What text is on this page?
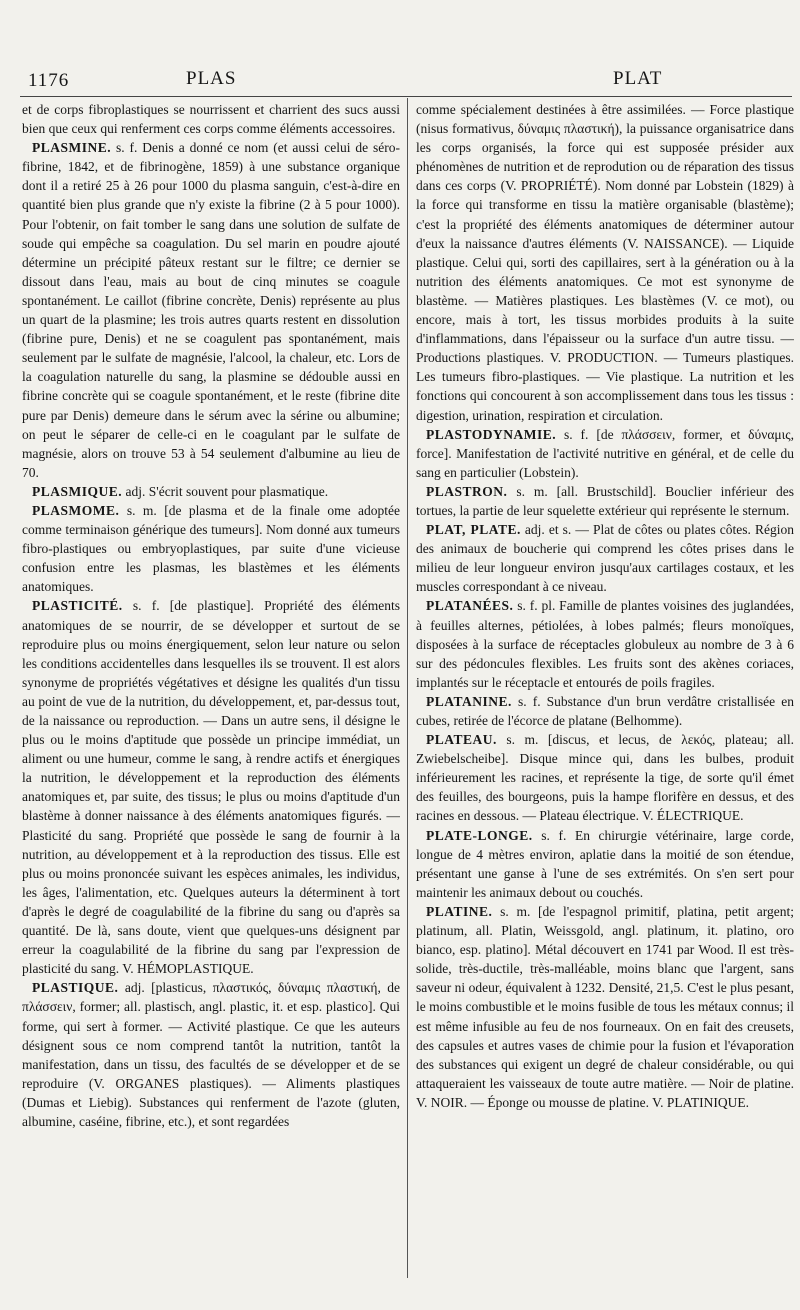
1176	PLAS	PLAT

et de corps fibroplastiques se nourrissent et charrient des sucs aussi bien que ceux qui renferment ces corps comme éléments accessoires.

PLASMINE. s. f. Denis a donné ce nom (et aussi celui de séro-fibrine, 1842, et de fibrinogène, 1859) à une substance organique dont il a retiré 25 à 26 pour 1000 du plasma sanguin, c'est-à-dire en quantité bien plus grande que n'y existe la fibrine (2 à 5 pour 1000). Pour l'obtenir, on fait tomber le sang dans une solution de sulfate de soude qui empêche sa coagulation. Du sel marin en poudre ajouté détermine un précipité pâteux restant sur le filtre; ce dernier se dissout dans l'eau, mais au bout de cinq minutes se coagule spontanément. Le caillot (fibrine concrète, Denis) représente au plus un quart de la plasmine; les trois autres quarts restent en dissolution (fibrine pure, Denis) et ne se coagulent pas spontanément, mais seulement par le sulfate de magnésie, l'alcool, la chaleur, etc. Lors de la coagulation naturelle du sang, la plasmine se dédouble aussi en fibrine concrète qui se coagule spontanément, et le reste (fibrine dite pure par Denis) demeure dans le sérum avec la sérine ou albumine; on peut le séparer de celle-ci en le coagulant par le sulfate de magnésie, alors on trouve 53 à 54 seulement d'albumine au lieu de 70.

PLASMIQUE. adj. S'écrit souvent pour plasmatique.

PLASMOME. s. m. [de plasma et de la finale ome adoptée comme terminaison générique des tumeurs]. Nom donné aux tumeurs fibro-plastiques ou embryoplastiques, par suite d'une vicieuse confusion entre les plasmas, les blastèmes et les éléments anatomiques.

PLASTICITÉ. s. f. [de plastique]. Propriété des éléments anatomiques de se nourrir, de se développer et surtout de se reproduire plus ou moins énergiquement, selon leur nature ou selon les conditions accidentelles dans lesquelles ils se trouvent. Il est alors synonyme de propriétés végétatives et désigne les qualités d'un tissu au point de vue de la nutrition, du développement, et, par-dessus tout, de la naissance ou reproduction. — Dans un autre sens, il désigne le plus ou le moins d'aptitude que possède un principe immédiat, un aliment ou une humeur, comme le sang, à rendre actifs et énergiques la nutrition, le développement et la reproduction des éléments anatomiques et, par suite, des tissus; le plus ou moins d'aptitude d'un blastème à donner naissance à des éléments anatomiques figurés. — Plasticité du sang. Propriété que possède le sang de fournir à la nutrition, au développement et à la reproduction des tissus. Elle est plus ou moins prononcée suivant les espèces animales, les individus, les âges, l'alimentation, etc. Quelques auteurs la déterminent à tort d'après le degré de coagulabilité de la fibrine du sang ou d'après sa quantité. De là, sans doute, vient que quelques-uns désignent par erreur la coagulabilité de la fibrine du sang par l'expression de plasticité du sang. V. HÉMOPLASTIQUE.

PLASTIQUE. adj. [plasticus, πλαστικός, δύναμις πλαστική, de πλάσσειν, former; all. plastisch, angl. plastic, it. et esp. plastico]. Qui forme, qui sert à former. — Activité plastique. Ce que les auteurs désignent sous ce nom comprend tantôt la nutrition, tantôt la manifestation, dans un tissu, des facultés de se développer et de se reproduire (V. ORGANES plastiques). — Aliments plastiques (Dumas et Liebig). Substances qui renferment de l'azote (gluten, albumine, caséine, fibrine, etc.), et sont regardées

comme spécialement destinées à être assimilées. — Force plastique (nisus formativus, δύναμις πλαστική), la puissance organisatrice dans les corps organisés, la force qui est supposée présider aux phénomènes de nutrition et de reprodution ou de réparation des tissus dans ces corps (V. PROPRIÉTÉ). Nom donné par Lobstein (1829) à la force qui transforme en tissu la matière organisable (blastème); c'est la propriété des éléments anatomiques de déterminer autour d'eux la naissance d'autres éléments (V. NAISSANCE). — Liquide plastique. Celui qui, sorti des capillaires, sert à la génération ou à la nutrition des éléments anatomiques. Ce mot est synonyme de blastème. — Matières plastiques. Les blastèmes (V. ce mot), ou encore, mais à tort, les tissus morbides produits à la suite d'inflammations, dans l'épaisseur ou la surface d'un autre tissu. — Productions plastiques. V. PRODUCTION. — Tumeurs plastiques. Les tumeurs fibro-plastiques. — Vie plastique. La nutrition et les fonctions qui concourent à son accomplissement dans tous les tissus : digestion, urination, respiration et circulation.

PLASTODYNAMIE. s. f. [de πλάσσειν, former, et δύναμις, force]. Manifestation de l'activité nutritive en général, et de celle du sang en particulier (Lobstein).

PLASTRON. s. m. [all. Brustschild]. Bouclier inférieur des tortues, la partie de leur squelette extérieur qui représente le sternum.

PLAT, PLATE. adj. et s. — Plat de côtes ou plates côtes. Région des animaux de boucherie qui comprend les côtes prises dans le milieu de leur longueur environ jusqu'aux cartilages costaux, et les muscles correspondant à ce niveau.

PLATANÉES. s. f. pl. Famille de plantes voisines des juglandées, à feuilles alternes, pétiolées, à lobes palmés; fleurs monoïques, disposées à la surface de réceptacles globuleux au nombre de 3 à 6 sur des pédoncules flexibles. Les fruits sont des akènes coriaces, implantés sur le réceptacle et entourés de poils fragiles.

PLATANINE. s. f. Substance d'un brun verdâtre cristallisée en cubes, retirée de l'écorce de platane (Belhomme).

PLATEAU. s. m. [discus, et lecus, de λεκός, plateau; all. Zwiebelscheibe]. Disque mince qui, dans les bulbes, produit inférieurement les racines, et représente la tige, de sorte qu'il émet des feuilles, des bourgeons, puis la hampe florifère en dessus, et des racines en dessous. — Plateau électrique. V. ÉLECTRIQUE.

PLATE-LONGE. s. f. En chirurgie vétérinaire, large corde, longue de 4 mètres environ, aplatie dans la moitié de son étendue, présentant une ganse à l'une de ses extrémités. On s'en sert pour maintenir les animaux debout ou couchés.

PLATINE. s. m. [de l'espagnol primitif, platina, petit argent; platinum, all. Platin, Weissgold, angl. platinum, it. platino, oro bianco, esp. platino]. Métal découvert en 1741 par Wood. Il est très-solide, très-ductile, très-malléable, moins blanc que l'argent, sans saveur ni odeur, équivalent à 1232. Densité, 21,5. C'est le plus pesant, le moins combustible et le moins fusible de tous les métaux connus; il est même infusible au feu de nos fourneaux. On en fait des creusets, des capsules et autres vases de chimie pour la fusion et l'évaporation des substances qui exigent un degré de chaleur considérable, ou qui attaqueraient les vaisseaux de toute autre matière. — Noir de platine. V. NOIR. — Éponge ou mousse de platine. V. PLATINIQUE.
